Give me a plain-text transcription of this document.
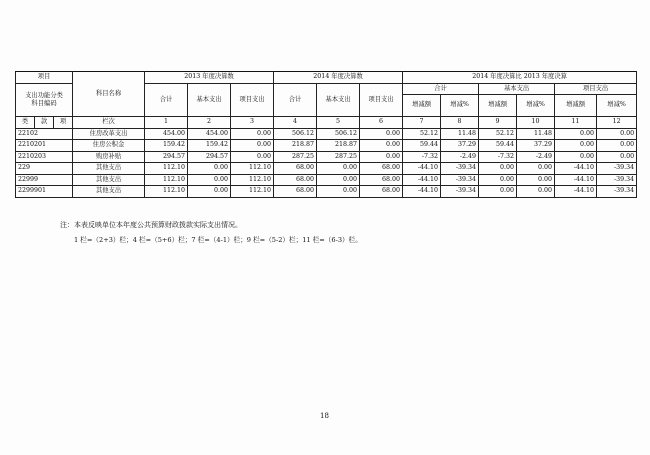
项目			科目名称	2013 年度决算数			2014 年度决算数			2014 年度决算比 2013 年度决算					
支出功能分类科目编码				合计	基本支出	项目支出	合计	基本支出	项目支出	合计		基本支出		项目支出	
										增减额	增减%	增减额	增减%	增减额	增减%
类	款	项	栏次	1	2	3	4	5	6	7	8	9	10	11	12
22102			住房改革支出	454.00	454.00	0.00	506.12	506.12	0.00	52.12	11.48	52.12	11.48	0.00	0.00
2210201			住房公积金	159.42	159.42	0.00	218.87	218.87	0.00	59.44	37.29	59.44	37.29	0.00	0.00
2210203			购房补贴	294.57	294.57	0.00	287.25	287.25	0.00	-7.32	-2.49	-7.32	-2.49	0.00	0.00
229			其他支出	112.10	0.00	112.10	68.00	0.00	68.00	-44.10	-39.34	0.00	0.00	-44.10	-39.34
22999			其他支出	112.10	0.00	112.10	68.00	0.00	68.00	-44.10	-39.34	0.00	0.00	-44.10	-39.34
2299901			其他支出	112.10	0.00	112.10	68.00	0.00	68.00	-44.10	-39.34	0.00	0.00	-44.10	-39.34
注：本表反映单位本年度公共预算财政拨款实际支出情况。
1 栏=（2+3）栏；4 栏=（5+6）栏；7 栏=（4-1）栏；9 栏=（5-2）栏；11 栏=（6-3）栏。
18
